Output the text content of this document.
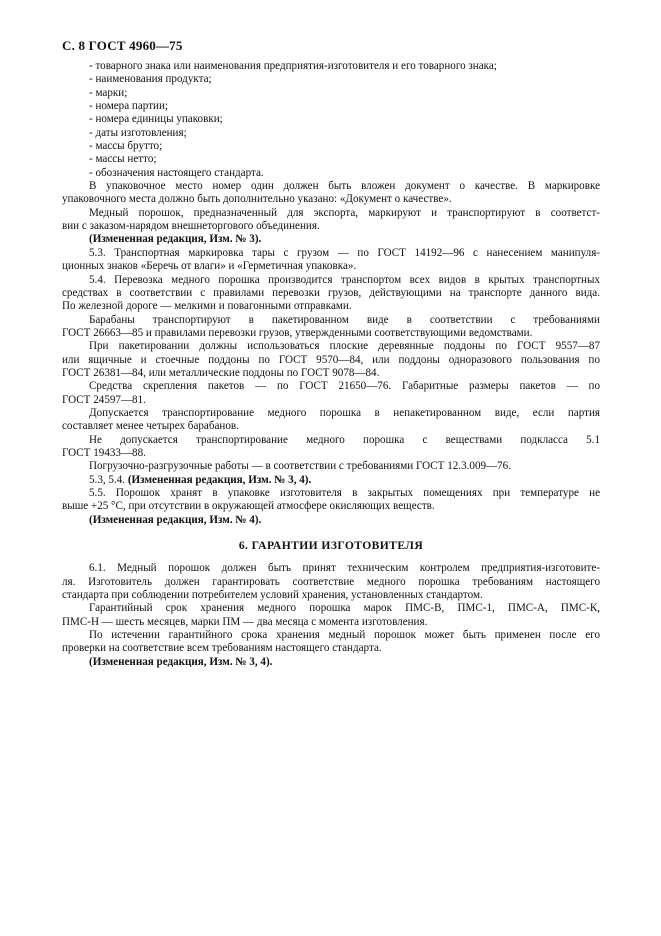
С. 8 ГОСТ 4960—75
- товарного знака или наименования предприятия-изготовителя и его товарного знака;
- наименования продукта;
- марки;
- номера партии;
- номера единицы упаковки;
- даты изготовления;
- массы брутто;
- массы нетто;
- обозначения настоящего стандарта.
В упаковочное место номер один должен быть вложен документ о качестве. В маркировке
упаковочного места должно быть дополнительно указано: «Документ о качестве».
Медный порошок, предназначенный для экспорта, маркируют и транспортируют в соответст-
вии с заказом-нарядом внешнеторгового объединения.
(Измененная редакция, Изм. № 3).
5.3. Транспортная маркировка тары с грузом — по ГОСТ 14192—96 с нанесением манипуля-
ционных знаков «Беречь от влаги» и «Герметичная упаковка».
5.4. Перевозка медного порошка производится транспортом всех видов в крытых транспортных
средствах в соответствии с правилами перевозки грузов, действующими на транспорте данного вида.
По железной дороге — мелкими и повагонными отправками.
Барабаны транспортируют в пакетированном виде в соответствии с требованиями
ГОСТ 26663—85 и правилами перевозки грузов, утвержденными соответствующими ведомствами.
При пакетировании должны использоваться плоские деревянные поддоны по ГОСТ 9557—87
или ящичные и стоечные поддоны по ГОСТ 9570—84, или поддоны одноразового пользования по
ГОСТ 26381—84, или металлические поддоны по ГОСТ 9078—84.
Средства скрепления пакетов — по ГОСТ 21650—76. Габаритные размеры пакетов — по
ГОСТ 24597—81.
Допускается транспортирование медного порошка в непакетированном виде, если партия
составляет менее четырех барабанов.
Не допускается транспортирование медного порошка с веществами подкласса 5.1
ГОСТ 19433—88.
Погрузочно-разгрузочные работы — в соответствии с требованиями ГОСТ 12.3.009—76.
5.3, 5.4. (Измененная редакция, Изм. № 3, 4).
5.5. Порошок хранят в упаковке изготовителя в закрытых помещениях при температуре не
выше +25 °С, при отсутствии в окружающей атмосфере окисляющих веществ.
(Измененная редакция, Изм. № 4).
6. ГАРАНТИИ ИЗГОТОВИТЕЛЯ
6.1. Медный порошок должен быть принят техническим контролем предприятия-изготовите-
ля. Изготовитель должен гарантировать соответствие медного порошка требованиям настоящего
стандарта при соблюдении потребителем условий хранения, установленных стандартом.
Гарантийный срок хранения медного порошка марок ПМС-В, ПМС-1, ПМС-А, ПМС-К,
ПМС-Н — шесть месяцев, марки ПМ — два месяца с момента изготовления.
По истечении гарантийного срока хранения медный порошок может быть применен после его
проверки на соответствие всем требованиям настоящего стандарта.
(Измененная редакция, Изм. № 3, 4).
